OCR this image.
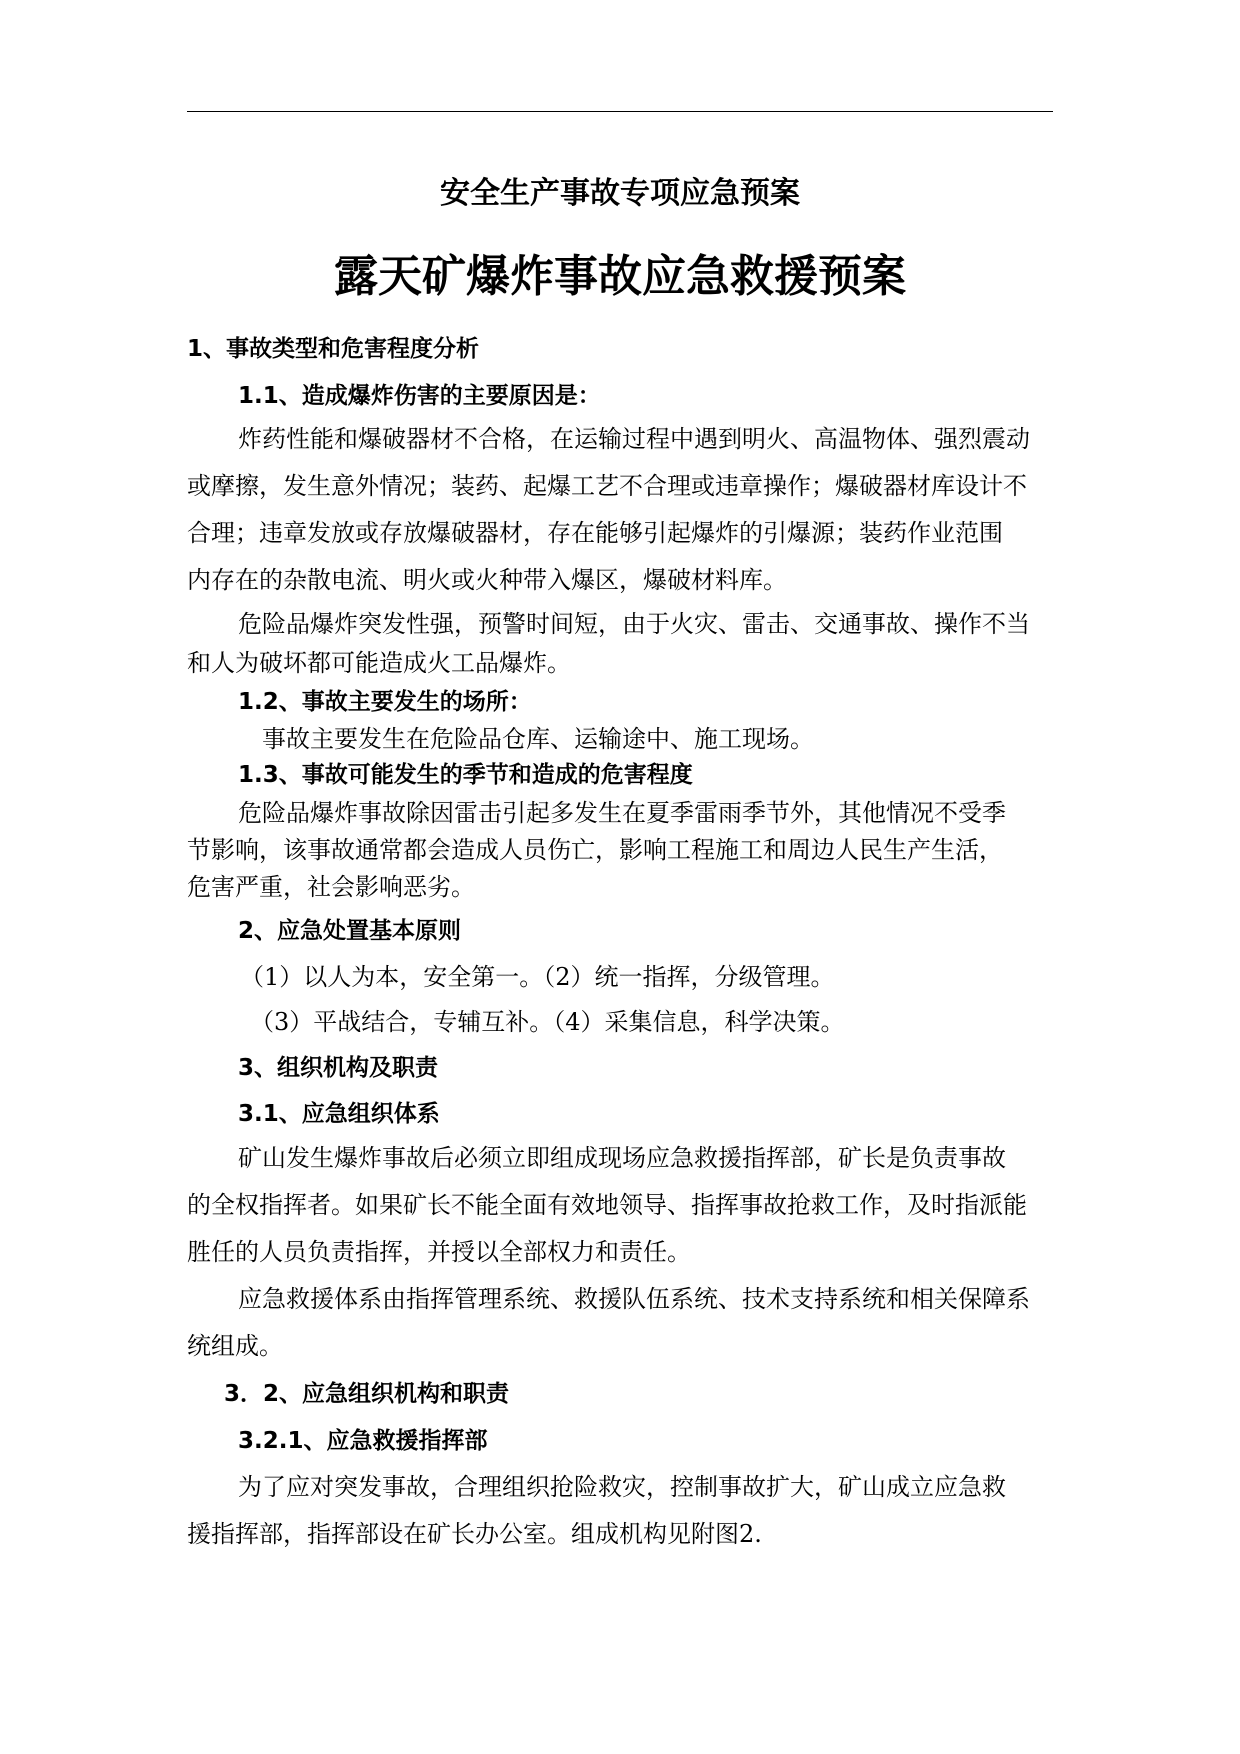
安全生产事故专项应急预案
露天矿爆炸事故应急救援预案
1、事故类型和危害程度分析
1.1、造成爆炸伤害的主要原因是：
炸药性能和爆破器材不合格，在运输过程中遇到明火、高温物体、强烈震动
或摩擦，发生意外情况；装药、起爆工艺不合理或违章操作；爆破器材库设计不
合理；违章发放或存放爆破器材，存在能够引起爆炸的引爆源；装药作业范围
内存在的杂散电流、明火或火种带入爆区，爆破材料库。
危险品爆炸突发性强，预警时间短，由于火灾、雷击、交通事故、操作不当
和人为破坏都可能造成火工品爆炸。
1.2、事故主要发生的场所：
事故主要发生在危险品仓库、运输途中、施工现场。
1.3、事故可能发生的季节和造成的危害程度
危险品爆炸事故除因雷击引起多发生在夏季雷雨季节外，其他情况不受季
节影响，该事故通常都会造成人员伤亡，影响工程施工和周边人民生产生活，
危害严重，社会影响恶劣。
2、应急处置基本原则
（1）以人为本，安全第一。（2）统一指挥，分级管理。
（3）平战结合，专辅互补。（4）采集信息，科学决策。
3、组织机构及职责
3.1、应急组织体系
矿山发生爆炸事故后必须立即组成现场应急救援指挥部，矿长是负责事故
的全权指挥者。如果矿长不能全面有效地领导、指挥事故抢救工作，及时指派能
胜任的人员负责指挥，并授以全部权力和责任。
应急救援体系由指挥管理系统、救援队伍系统、技术支持系统和相关保障系
统组成。
3．2、应急组织机构和职责
3.2.1、应急救援指挥部
为了应对突发事故，合理组织抢险救灾，控制事故扩大，矿山成立应急救
援指挥部，指挥部设在矿长办公室。组成机构见附图2.
